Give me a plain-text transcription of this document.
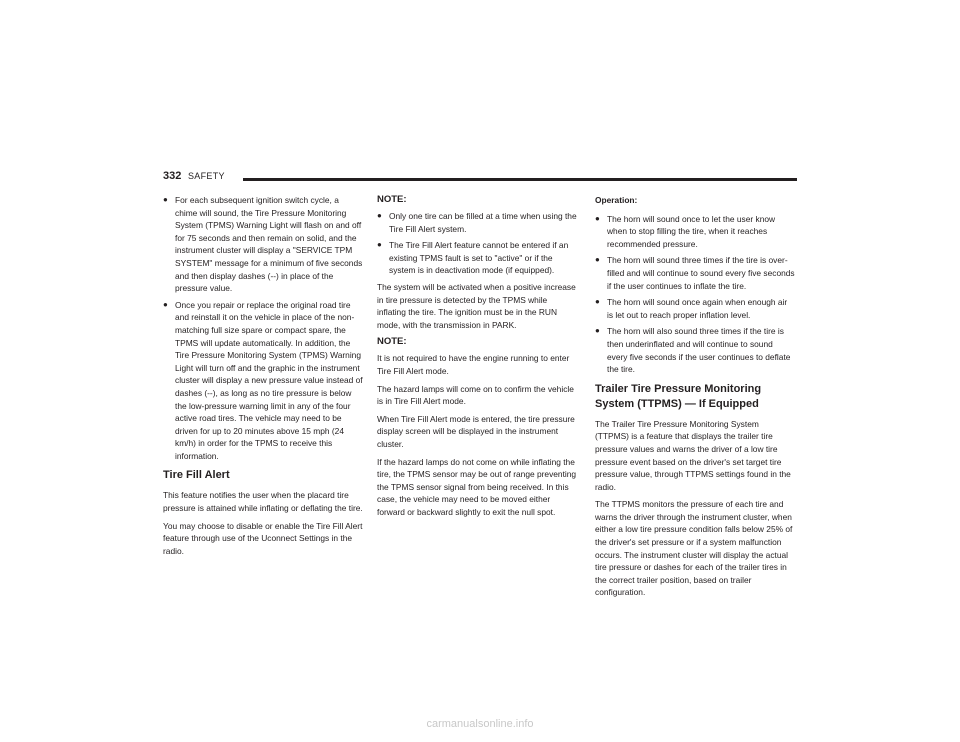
332 SAFETY
● For each subsequent ignition switch cycle, a chime will sound, the Tire Pressure Monitoring System (TPMS) Warning Light will flash on and off for 75 seconds and then remain on solid, and the instrument cluster will display a "SERVICE TPM SYSTEM" message for a minimum of five seconds and then display dashes (--) in place of the pressure value.
● Once you repair or replace the original road tire and reinstall it on the vehicle in place of the non-matching full size spare or compact spare, the TPMS will update automatically. In addition, the Tire Pressure Monitoring System (TPMS) Warning Light will turn off and the graphic in the instrument cluster will display a new pressure value instead of dashes (--), as long as no tire pressure is below the low-pressure warning limit in any of the four active road tires. The vehicle may need to be driven for up to 20 minutes above 15 mph (24 km/h) in order for the TPMS to receive this information.
Tire Fill Alert

This feature notifies the user when the placard tire pressure is attained while inflating or deflating the tire.

You may choose to disable or enable the Tire Fill Alert feature through use of the Uconnect Settings in the radio.

NOTE:
● Only one tire can be filled at a time when using the Tire Fill Alert system.
● The Tire Fill Alert feature cannot be entered if an existing TPMS fault is set to "active" or if the system is in deactivation mode (if equipped).

The system will be activated when a positive increase in tire pressure is detected by the TPMS while inflating the tire. The ignition must be in the RUN mode, with the transmission in PARK.

NOTE:

It is not required to have the engine running to enter Tire Fill Alert mode.

The hazard lamps will come on to confirm the vehicle is in Tire Fill Alert mode.

When Tire Fill Alert mode is entered, the tire pressure display screen will be displayed in the instrument cluster.

If the hazard lamps do not come on while inflating the tire, the TPMS sensor may be out of range preventing the TPMS sensor signal from being received. In this case, the vehicle may need to be moved either forward or backward slightly to exit the null spot.

Operation:
● The horn will sound once to let the user know when to stop filling the tire, when it reaches recommended pressure.
● The horn will sound three times if the tire is over-filled and will continue to sound every five seconds if the user continues to inflate the tire.
● The horn will sound once again when enough air is let out to reach proper inflation level.
● The horn will also sound three times if the tire is then underinflated and will continue to sound every five seconds if the user continues to deflate the tire.
Trailer Tire Pressure Monitoring System (TTPMS) — If Equipped

The Trailer Tire Pressure Monitoring System (TTPMS) is a feature that displays the trailer tire pressure values and warns the driver of a low tire pressure event based on the driver's set target tire pressure value, through TTPMS settings found in the radio.

The TTPMS monitors the pressure of each tire and warns the driver through the instrument cluster, when either a low tire pressure condition falls below 25% of the driver's set pressure or if a system malfunction occurs. The instrument cluster will display the actual tire pressure or dashes for each of the trailer tires in the correct trailer position, based on trailer configuration.

carmanualsonline.info
